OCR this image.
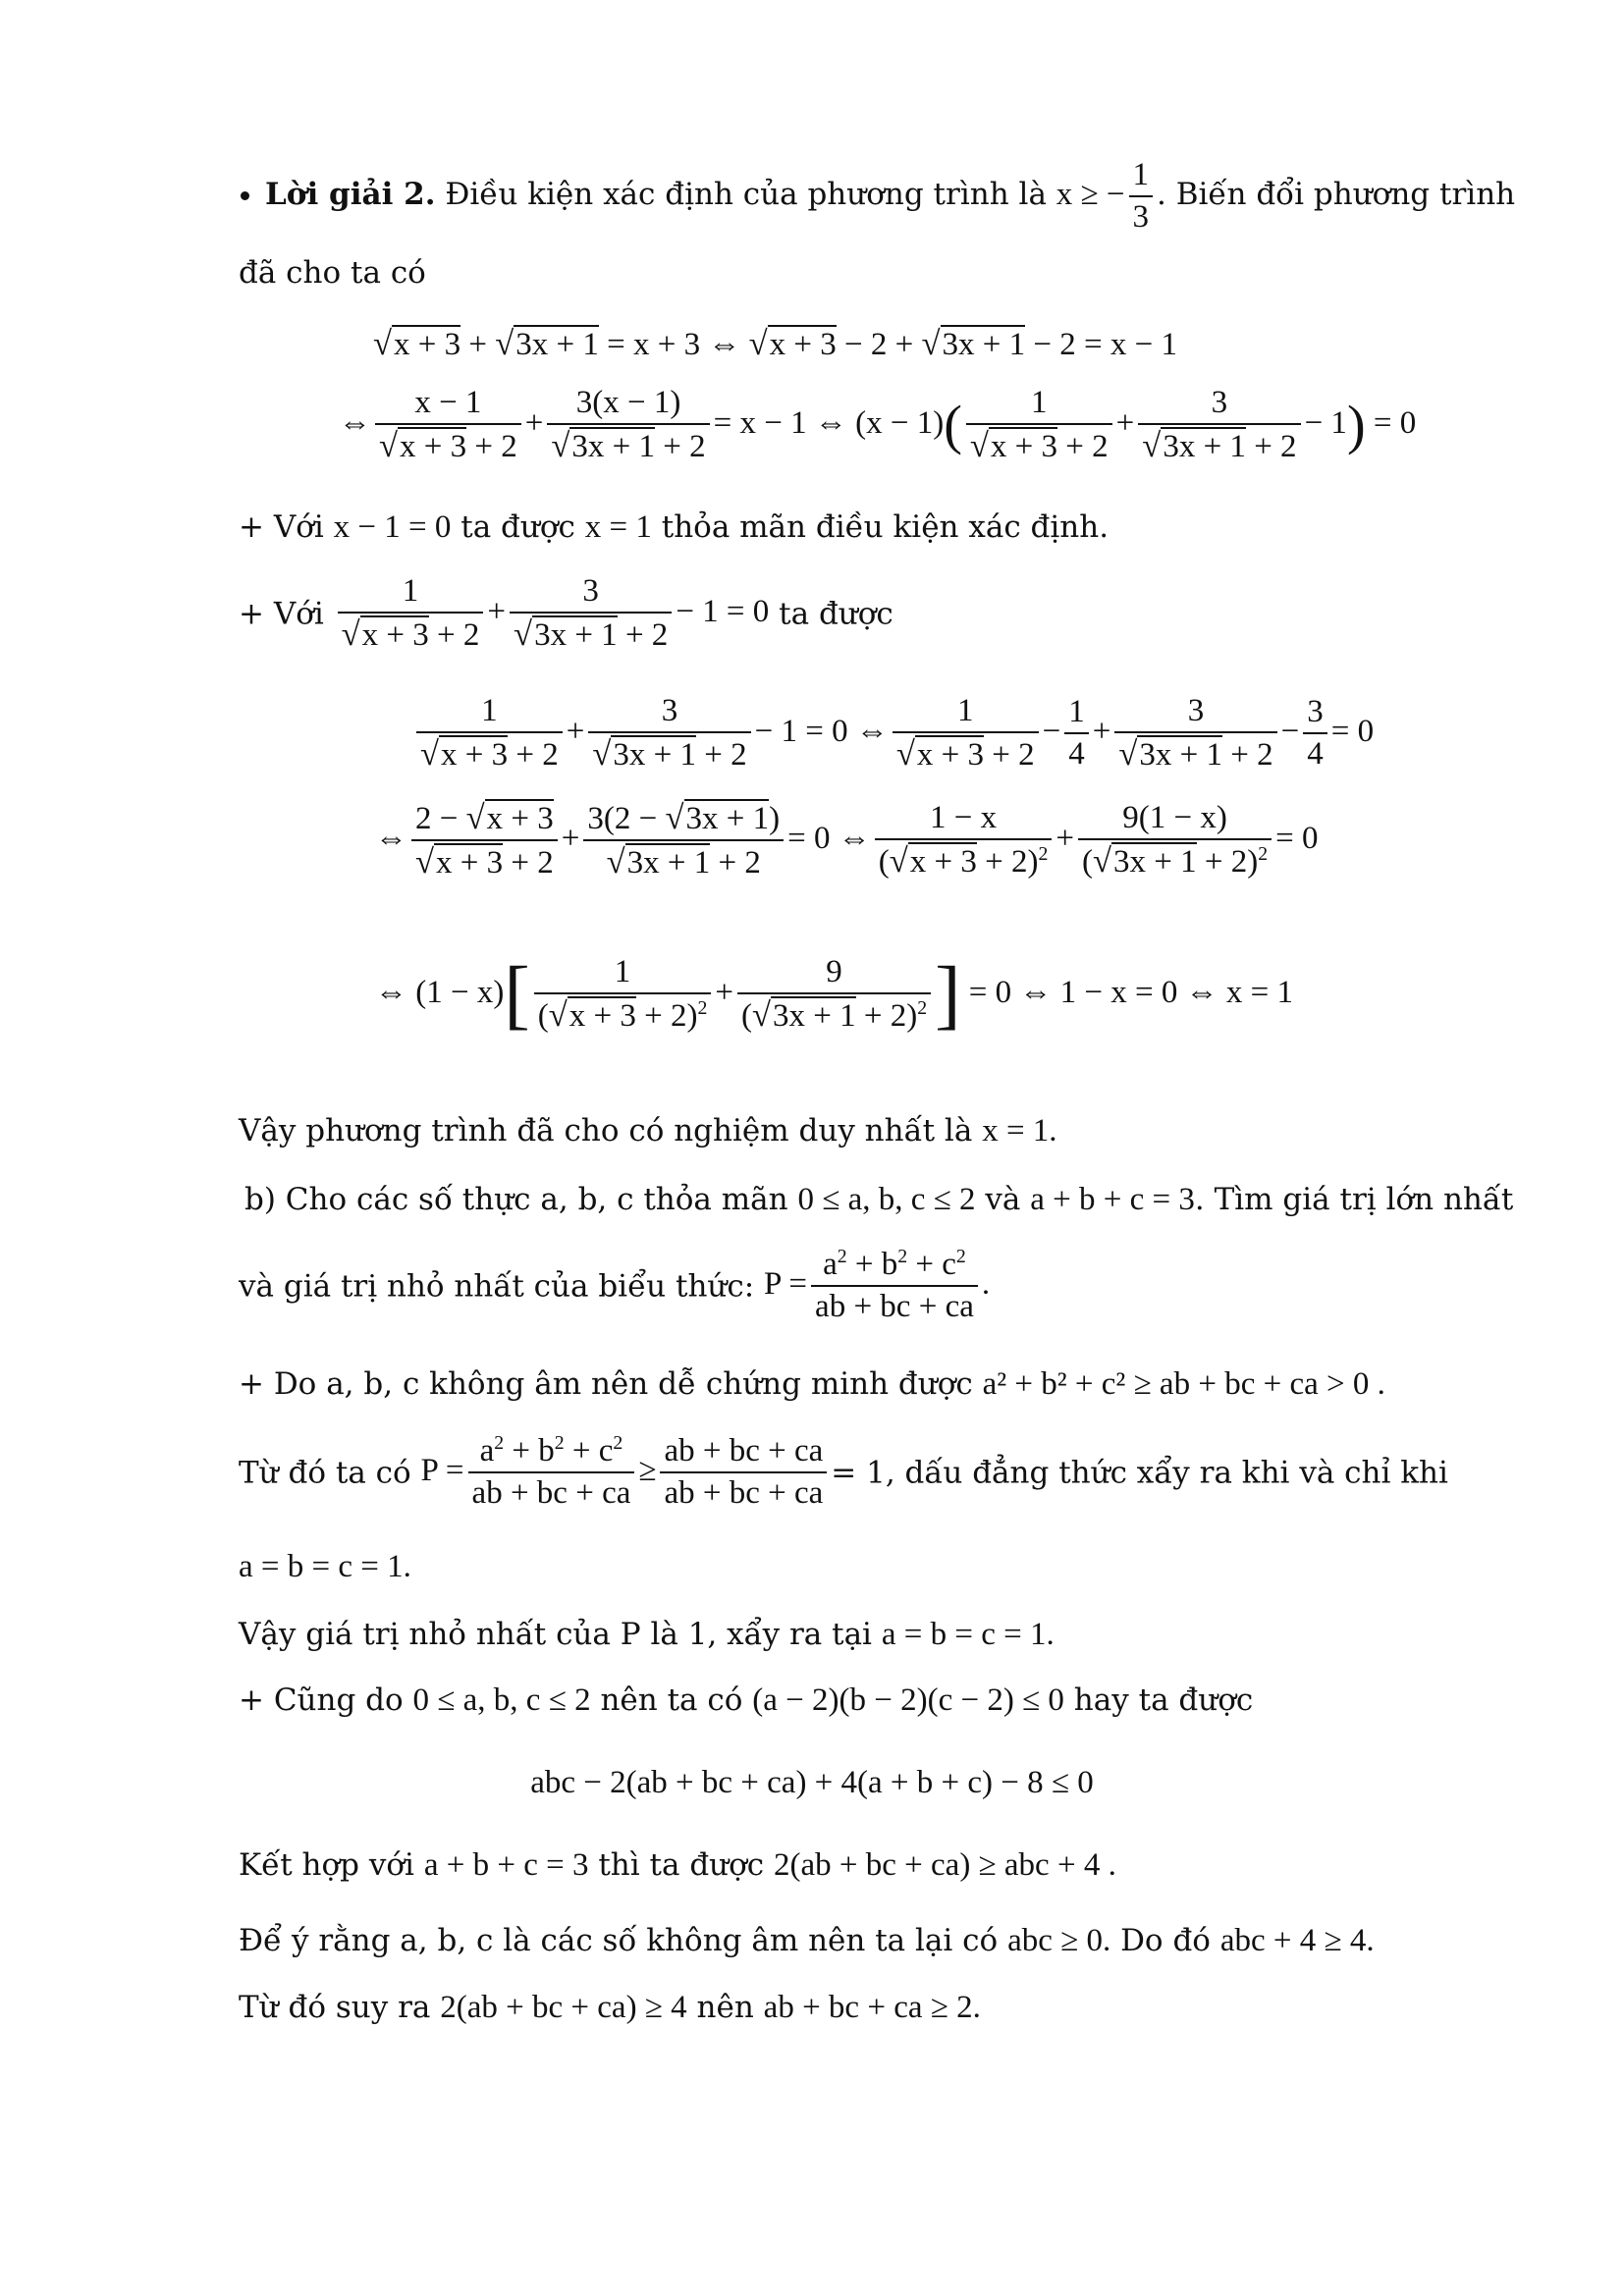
Lời giải 2. Điều kiện xác định của phương trình là x ≥ − $\frac{1}{3}$ . Biến đổi phương trình
đã cho ta có
√x + 3 + √3x + 1 = x + 3 ⇔ √x + 3 − 2 + √3x + 1 − 2 = x − 1
⇔ $\frac{x - 1}{√x + 3 + 2} + \frac{3(x - 1)}{√3x + 1 + 2} = x - 1$ ⇔ $(x - 1)( \frac{1}{√x + 3 + 2} + \frac{3}{√3x + 1 + 2} - 1) = 0$
+ Với x − 1 = 0 ta được x = 1 thỏa mãn điều kiện xác định.
+ Với $\frac{1}{√x + 3 + 2} + \frac{3}{√3x + 1 + 2} - 1 = 0$ ta được
$\frac{1}{√x + 3 + 2} + \frac{3}{√3x + 1 + 2} - 1 = 0$ ⇔ $\frac{1}{√x + 3 + 2} - \frac{1}{4} + \frac{3}{√3x + 1 + 2} - \frac{3}{4} = 0$
⇔ $\frac{2 - √x + 3}{√x + 3 + 2} + \frac{3(2 - √3x + 1)}{√3x + 1 + 2} = 0$ ⇔ $\frac{1 - x}{(√x + 3 + 2)^2} + \frac{9(1 - x)}{(√3x + 1 + 2)^2} = 0$
⇔ $(1 - x)[ \frac{1}{(√x + 3 + 2)^2} + \frac{9}{(√3x + 1 + 2)^2}$ ] = 0 ⇔ 1 − x = 0 ⇔ x = 1
Vậy phương trình đã cho có nghiệm duy nhất là x = 1.
b) Cho các số thực a, b, c thỏa mãn 0 ≤ a, b, c ≤ 2 và a + b + c = 3. Tìm giá trị lớn nhất
và giá trị nhỏ nhất của biểu thức: $P = \frac{a^2 + b^2 + c^2}{ab + bc + ca}$ .
+ Do a, b, c không âm nên dễ chứng minh được a² + b² + c² ≥ ab + bc + ca > 0 .
Từ đó ta có $P = \frac{a^2 + b^2 + c^2}{ab + bc + ca} \ge \frac{ab + bc + ca}{ab + bc + ca} = 1$, dấu đẳng thức xẩy ra khi và chỉ khi
a = b = c = 1.
Vậy giá trị nhỏ nhất của P là 1, xẩy ra tại a = b = c = 1.
+ Cũng do 0 ≤ a, b, c ≤ 2 nên ta có (a − 2)(b − 2)(c − 2) ≤ 0 hay ta được
abc − 2(ab + bc + ca) + 4(a + b + c) − 8 ≤ 0
Kết hợp với a + b + c = 3 thì ta được 2(ab + bc + ca) ≥ abc + 4 .
Để ý rằng a, b, c là các số không âm nên ta lại có abc ≥ 0. Do đó abc + 4 ≥ 4.
Từ đó suy ra 2(ab + bc + ca) ≥ 4 nên ab + bc + ca ≥ 2.
